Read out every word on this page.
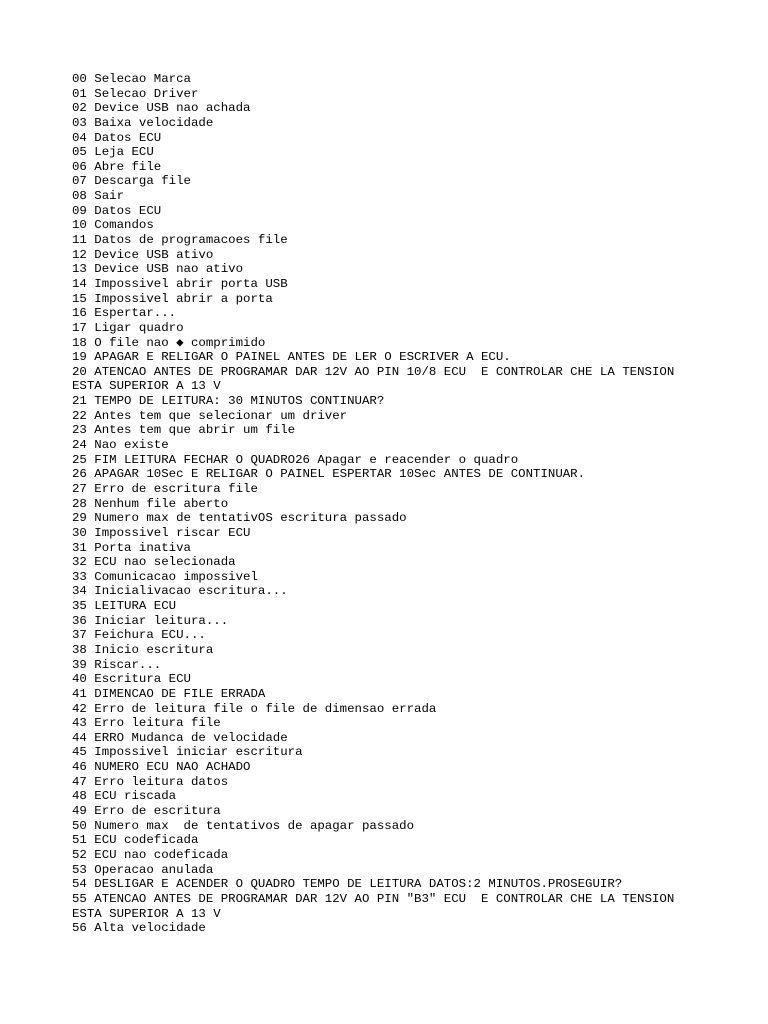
00 Selecao Marca
01 Selecao Driver
02 Device USB nao achada
03 Baixa velocidade
04 Datos ECU
05 Leja ECU
06 Abre file
07 Descarga file
08 Sair
09 Datos ECU
10 Comandos
11 Datos de programacoes file
12 Device USB ativo
13 Device USB nao ativo
14 Impossivel abrir porta USB
15 Impossivel abrir a porta
16 Espertar...
17 Ligar quadro
18 O file nao ◆ comprimido
19 APAGAR E RELIGAR O PAINEL ANTES DE LER O ESCRIVER A ECU.
20 ATENCAO ANTES DE PROGRAMAR DAR 12V AO PIN 10/8 ECU  E CONTROLAR CHE LA TENSION
ESTA SUPERIOR A 13 V
21 TEMPO DE LEITURA: 30 MINUTOS CONTINUAR?
22 Antes tem que selecionar um driver
23 Antes tem que abrir um file
24 Nao existe
25 FIM LEITURA FECHAR O QUADRO26 Apagar e reacender o quadro
26 APAGAR 10Sec E RELIGAR O PAINEL ESPERTAR 10Sec ANTES DE CONTINUAR.
27 Erro de escritura file
28 Nenhum file aberto
29 Numero max de tentativOS escritura passado
30 Impossivel riscar ECU
31 Porta inativa
32 ECU nao selecionada
33 Comunicacao impossivel
34 Inicialivacao escritura...
35 LEITURA ECU
36 Iniciar leitura...
37 Feichura ECU...
38 Inicio escritura
39 Riscar...
40 Escritura ECU
41 DIMENCAO DE FILE ERRADA
42 Erro de leitura file o file de dimensao errada
43 Erro leitura file
44 ERRO Mudanca de velocidade
45 Impossivel iniciar escritura
46 NUMERO ECU NAO ACHADO
47 Erro leitura datos
48 ECU riscada
49 Erro de escritura
50 Numero max  de tentativos de apagar passado
51 ECU codeficada
52 ECU nao codeficada
53 Operacao anulada
54 DESLIGAR E ACENDER O QUADRO TEMPO DE LEITURA DATOS:2 MINUTOS.PROSEGUIR?
55 ATENCAO ANTES DE PROGRAMAR DAR 12V AO PIN "B3" ECU  E CONTROLAR CHE LA TENSION
ESTA SUPERIOR A 13 V
56 Alta velocidade
